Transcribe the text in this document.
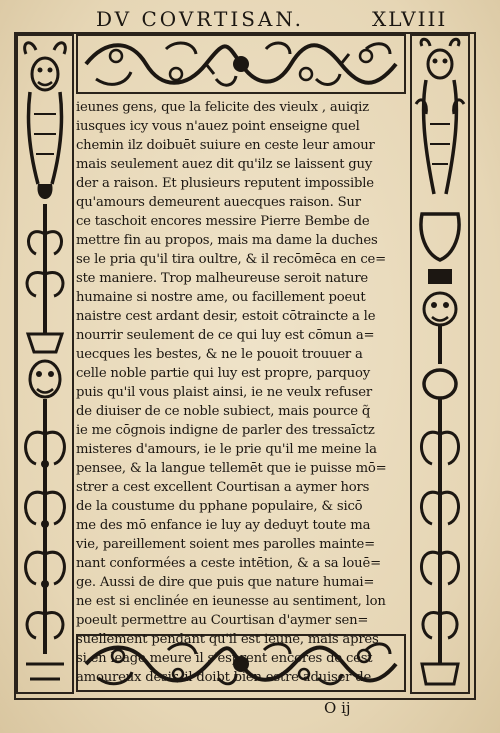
DV COVRTISAN.	XLVIII
ieunes gens, que la felicite des vieulx , auiqiz
iusques icy vous n'auez point enseigne quel
chemin ilz doibuēt suiure en ceste leur amour
mais seulement auez dit qu'ilz se laissent guy
der a raison. Et plusieurs reputent impossible
qu'amours demeurent auecques raison. Sur
ce taschoit encores messire Pierre Bembe de
mettre fin au propos, mais ma dame la duches
se le pria qu'il tira oultre, & il recōmēca en ce=
ste maniere. Trop malheureuse seroit nature
humaine si nostre ame, ou facillement poeut
naistre cest ardant desir, estoit cōtraincte a le
nourrir seulement de ce qui luy est cōmun a=
uecques les bestes, & ne le pouoit trouuer a
celle noble partie qui luy est propre, parquoy
puis qu'il vous plaist ainsi, ie ne veulx refuser
de diuiser de ce noble subiect, mais pource q̃
ie me cōgnois indigne de parler des tressaīctz
misteres d'amours, ie le prie qu'il me meine la
pensee, & la langue tellemēt que ie puisse mō=
strer a cest excellent Courtisan a aymer hors
de la coustume du pphane populaire, & sicō
me des mō enfance ie luy ay deduyt toute ma
vie, pareillement soient mes parolles mainte=
nant conformées a ceste intētion, & a sa louē=
ge. Aussi de dire que puis que nature humai=
ne est si enclinée en ieunesse au sentiment, lon
poeult permettre au Courtisan d'aymer sen=
suellement pendant qu'il est ieune, mais apres
si en leage meure il s'esprent encores de cest
amoureux desir, il doibt bien estre aduiser de
O ij
